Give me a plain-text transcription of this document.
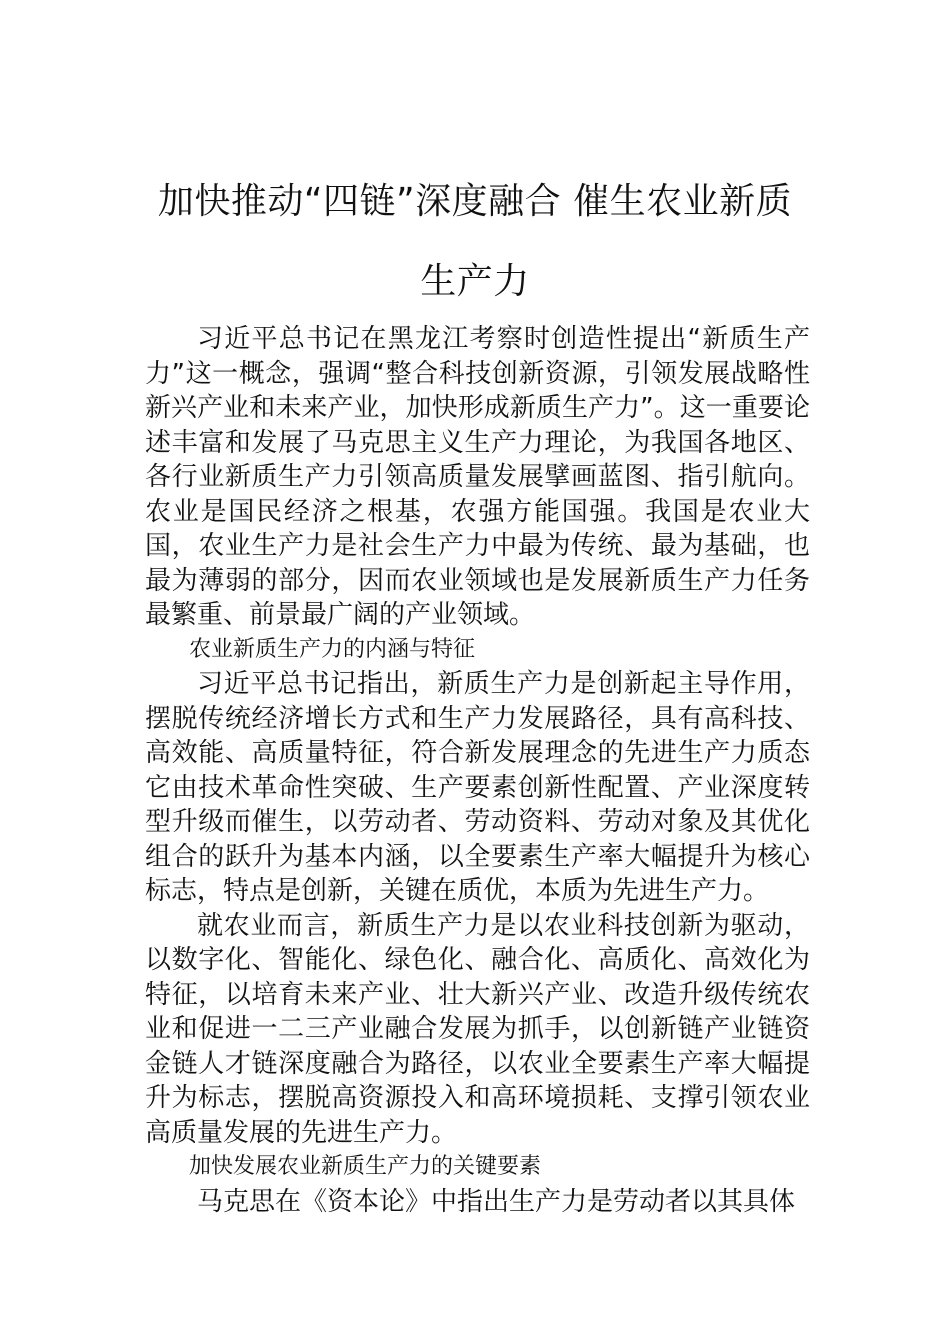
加快推动“四链”深度融合 催生农业新质生产力

习近平总书记在黑龙江考察时创造性提出“新质生产力”这一概念，强调“整合科技创新资源，引领发展战略性新兴产业和未来产业，加快形成新质生产力”。这一重要论述丰富和发展了马克思主义生产力理论，为我国各地区、各行业新质生产力引领高质量发展擘画蓝图、指引航向。农业是国民经济之根基，农强方能国强。我国是农业大国，农业生产力是社会生产力中最为传统、最为基础，也最为薄弱的部分，因而农业领域也是发展新质生产力任务最繁重、前景最广阔的产业领域。

农业新质生产力的内涵与特征

习近平总书记指出，新质生产力是创新起主导作用，摆脱传统经济增长方式和生产力发展路径，具有高科技、高效能、高质量特征，符合新发展理念的先进生产力质态它由技术革命性突破、生产要素创新性配置、产业深度转型升级而催生，以劳动者、劳动资料、劳动对象及其优化组合的跃升为基本内涵，以全要素生产率大幅提升为核心标志，特点是创新，关键在质优，本质为先进生产力。

就农业而言，新质生产力是以农业科技创新为驱动，以数字化、智能化、绿色化、融合化、高质化、高效化为特征，以培育未来产业、壮大新兴产业、改造升级传统农业和促进一二三产业融合发展为抓手，以创新链产业链资金链人才链深度融合为路径，以农业全要素生产率大幅提升为标志，摆脱高资源投入和高环境损耗、支撑引领农业高质量发展的先进生产力。

加快发展农业新质生产力的关键要素

马克思在《资本论》中指出生产力是劳动者以其具体
